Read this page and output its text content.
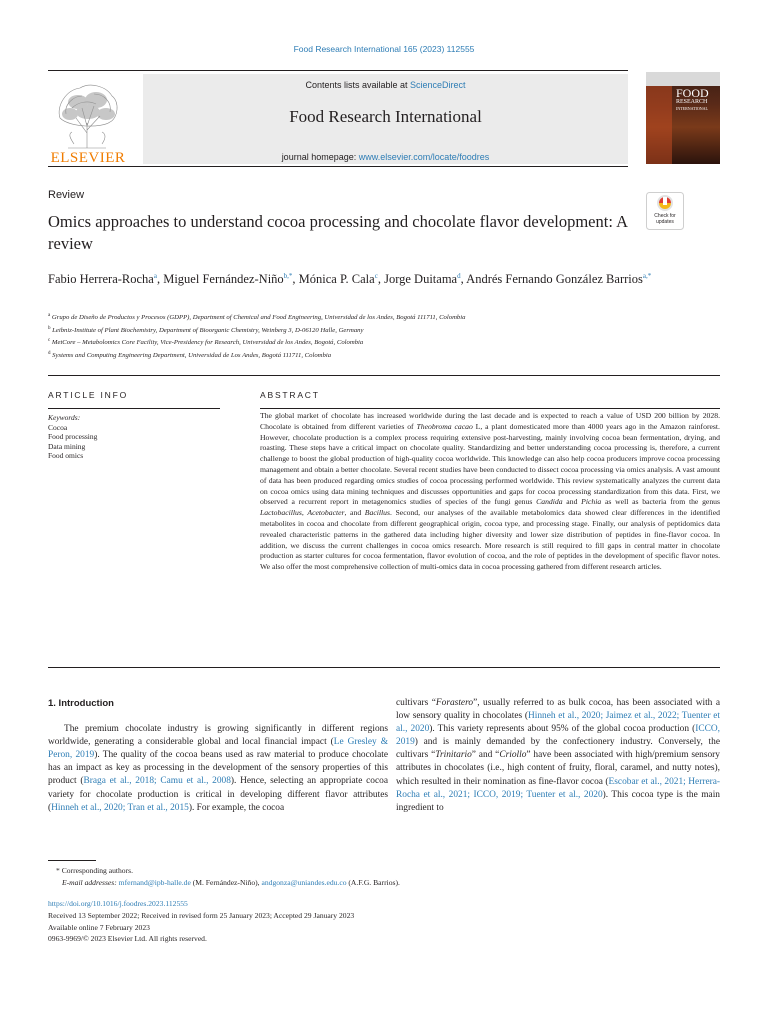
Food Research International 165 (2023) 112555
ELSEVIER
Contents lists available at ScienceDirect
Food Research International
journal homepage: www.elsevier.com/locate/foodres
FOOD
RESEARCH
INTERNATIONAL
Review
Omics approaches to understand cocoa processing and chocolate flavor development: A review
Check for
updates
Fabio Herrera-Rocha$^a$, Miguel Fernández-Niño$^{b,*}$, Mónica P. Cala$^c$, Jorge Duitama$^d$, Andrés Fernando González Barrios$^{a,*}$
$^a$ Grupo de Diseño de Productos y Procesos (GDPP), Department of Chemical and Food Engineering, Universidad de los Andes, Bogotá 111711, Colombia
$^b$ Leibniz-Institute of Plant Biochemistry, Department of Bioorganic Chemistry, Weinberg 3, D-06120 Halle, Germany
$^c$ MetCore – Metabolomics Core Facility, Vice-Presidency for Research, Universidad de los Andes, Bogotá, Colombia
$^d$ Systems and Computing Engineering Department, Universidad de Los Andes, Bogotá 111711, Colombia
ARTICLE INFO
Keywords:
Cocoa
Food processing
Data mining
Food omics
ABSTRACT
The global market of chocolate has increased worldwide during the last decade and is expected to reach a value of USD 200 billion by 2028. Chocolate is obtained from different varieties of Theobroma cacao L, a plant domesticated more than 4000 years ago in the Amazon rainforest. However, chocolate production is a complex process requiring extensive post-harvesting, mainly involving cocoa bean fermentation, drying, and roasting. These steps have a critical impact on chocolate quality. Standardizing and better understanding cocoa processing is, therefore, a current challenge to boost the global production of high-quality cocoa worldwide. This knowledge can also help cocoa producers improve cocoa processing management and obtain a better chocolate. Several recent studies have been conducted to dissect cocoa processing via omics analysis. A vast amount of data has been produced regarding omics studies of cocoa processing performed worldwide. This review systematically analyzes the current data on cocoa omics using data mining techniques and discusses opportunities and gaps for cocoa processing standardization from this data. First, we observed a recurrent report in metagenomics studies of species of the fungi genus Candida and Pichia as well as bacteria from the genus Lactobacillus, Acetobacter, and Bacillus. Second, our analyses of the available metabolomics data showed clear differences in the identified metabolites in cocoa and chocolate from different geographical origin, cocoa type, and processing stage. Finally, our analysis of peptidomics data revealed characteristic patterns in the gathered data including higher diversity and lower size distribution of peptides in fine-flavor cocoa. In addition, we discuss the current challenges in cocoa omics research. More research is still required to fill gaps in central matter in chocolate production as starter cultures for cocoa fermentation, flavor evolution of cocoa, and the role of peptides in the development of specific flavor notes. We also offer the most comprehensive collection of multi-omics data in cocoa processing gathered from different research articles.
1. Introduction

The premium chocolate industry is growing significantly in different regions worldwide, generating a considerable global and local financial impact (Le Gresley & Peron, 2019). The quality of the cocoa beans used as raw material to produce chocolate has an impact as key as processing in the development of the sensory properties of this product (Braga et al., 2018; Camu et al., 2008). Hence, selecting an appropriate cocoa variety for chocolate production is critical in developing different flavor attributes (Hinneh et al., 2020; Tran et al., 2015). For example, the cocoa

cultivars “Forastero”, usually referred to as bulk cocoa, has been associated with a low sensory quality in chocolates (Hinneh et al., 2020; Jaimez et al., 2022; Tuenter et al., 2020). This variety represents about 95% of the global cocoa production (ICCO, 2019) and is mainly demanded by the confectionery industry. Conversely, the cultivars “Trinitario” and “Criollo” have been associated with high/premium sensory attributes in chocolates (i.e., high content of fruity, floral, caramel, and nutty notes), which resulted in their nomination as fine-flavor cocoa (Escobar et al., 2021; Herrera-Rocha et al., 2021; ICCO, 2019; Tuenter et al., 2020). This cocoa type is the main ingredient to

* Corresponding authors.
E-mail addresses: mfernand@ipb-halle.de (M. Fernández-Niño), andgonza@uniandes.edu.co (A.F.G. Barrios).
https://doi.org/10.1016/j.foodres.2023.112555
Received 13 September 2022; Received in revised form 25 January 2023; Accepted 29 January 2023
Available online 7 February 2023
0963-9969/© 2023 Elsevier Ltd. All rights reserved.
